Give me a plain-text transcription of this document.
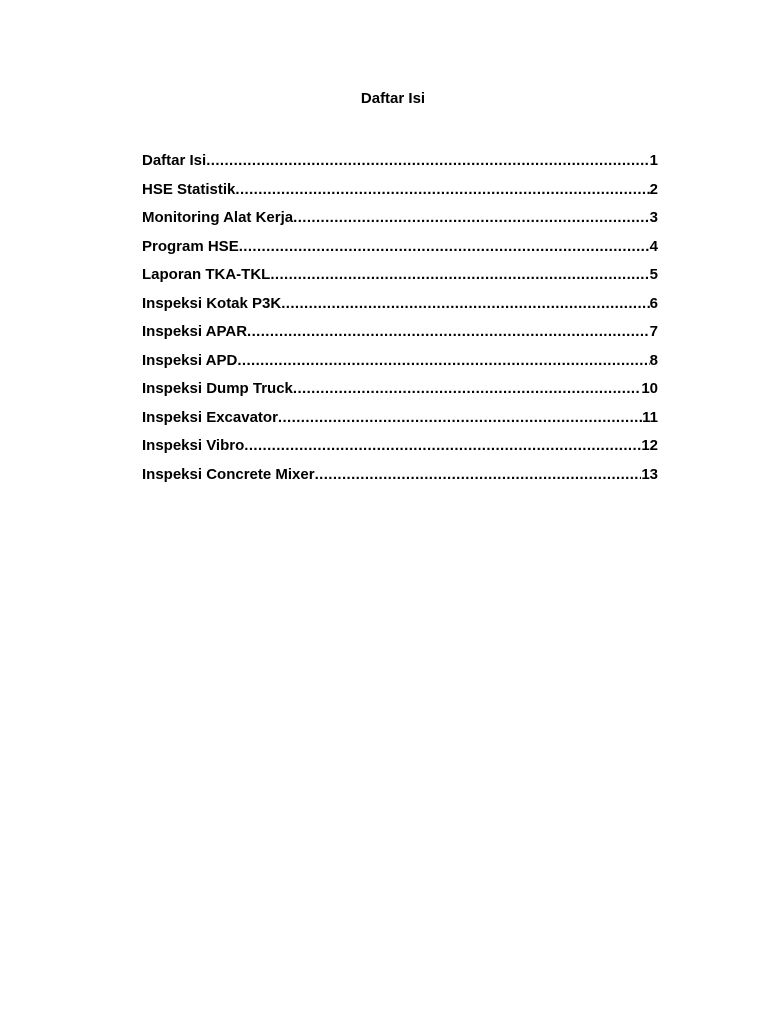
Daftar Isi
Daftar Isi .....	1
HSE Statistik .....	2
Monitoring Alat Kerja .....	3
Program HSE .....	4
Laporan TKA-TKL .....	5
Inspeksi Kotak P3K .....	6
Inspeksi APAR .....	7
Inspeksi APD .....	8
Inspeksi Dump Truck .....	10
Inspeksi Excavator .....	11
Inspeksi Vibro .....	12
Inspeksi Concrete Mixer .....	13
